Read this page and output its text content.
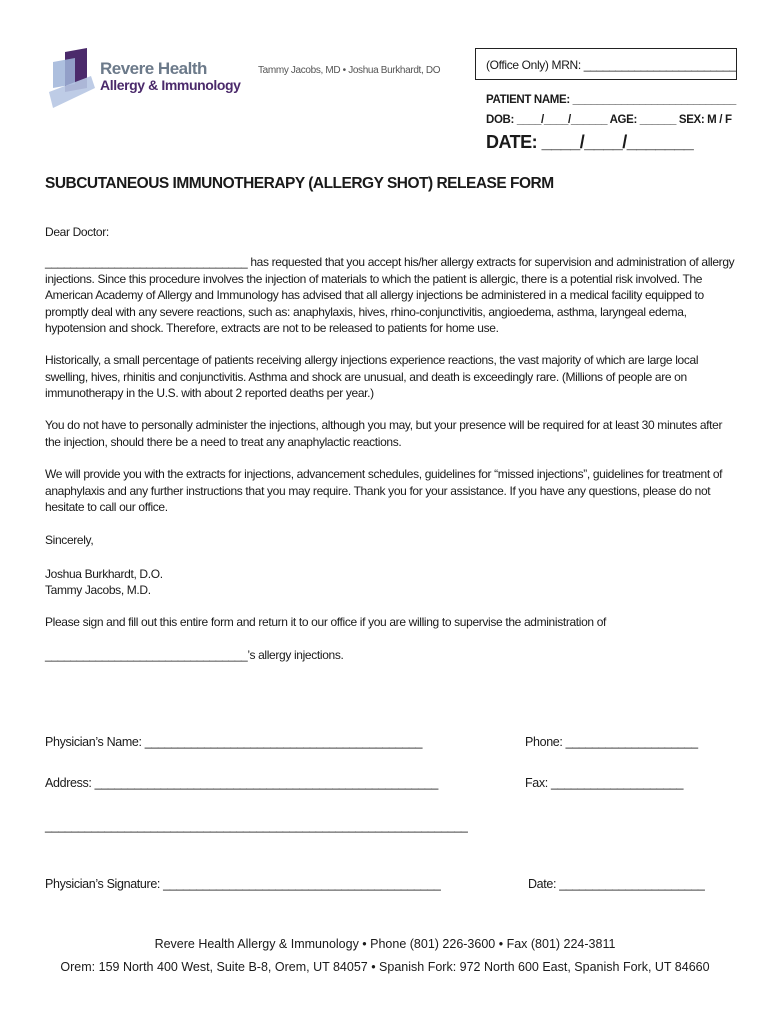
Revere Health
Allergy & Immunology
Tammy Jacobs, MD • Joshua Burkhardt, DO	(Office Only) MRN: ________________________
PATIENT NAME: ___________________________
DOB: ____/____/______ AGE: ______ SEX: M / F
DATE: ____/____/_______
SUBCUTANEOUS IMMUNOTHERAPY (ALLERGY SHOT) RELEASE FORM
Dear Doctor:

________________________________ has requested that you accept his/her allergy extracts for supervision and administration of allergy injections. Since this procedure involves the injection of materials to which the patient is allergic, there is a potential risk involved. The American Academy of Allergy and Immunology has advised that all allergy injections be administered in a medical facility equipped to promptly deal with any severe reactions, such as: anaphylaxis, hives, rhino-conjunctivitis, angioedema, asthma, laryngeal edema, hypotension and shock. Therefore, extracts are not to be released to patients for home use.

Historically, a small percentage of patients receiving allergy injections experience reactions, the vast majority of which are large local swelling, hives, rhinitis and conjunctivitis. Asthma and shock are unusual, and death is exceedingly rare. (Millions of people are on immunotherapy in the U.S. with about 2 reported deaths per year.)

You do not have to personally administer the injections, although you may, but your presence will be required for at least 30 minutes after the injection, should there be a need to treat any anaphylactic reactions.

We will provide you with the extracts for injections, advancement schedules, guidelines for “missed injections”, guidelines for treatment of anaphylaxis and any further instructions that you may require. Thank you for your assistance. If you have any questions, please do not hesitate to call our office.

Sincerely,
Joshua Burkhardt, D.O.
Tammy Jacobs, M.D.
Please sign and fill out this entire form and return it to our office if you are willing to supervise the administration of
________________________________’s allergy injections.
Physician’s Name: __________________________________________	Phone: ____________________
Address: ____________________________________________________	Fax: ____________________
________________________________________________________________
Physician’s Signature: __________________________________________	Date: ______________________
Revere Health Allergy & Immunology • Phone (801) 226-3600 • Fax (801) 224-3811
Orem: 159 North 400 West, Suite B-8, Orem, UT 84057 • Spanish Fork: 972 North 600 East, Spanish Fork, UT 84660
